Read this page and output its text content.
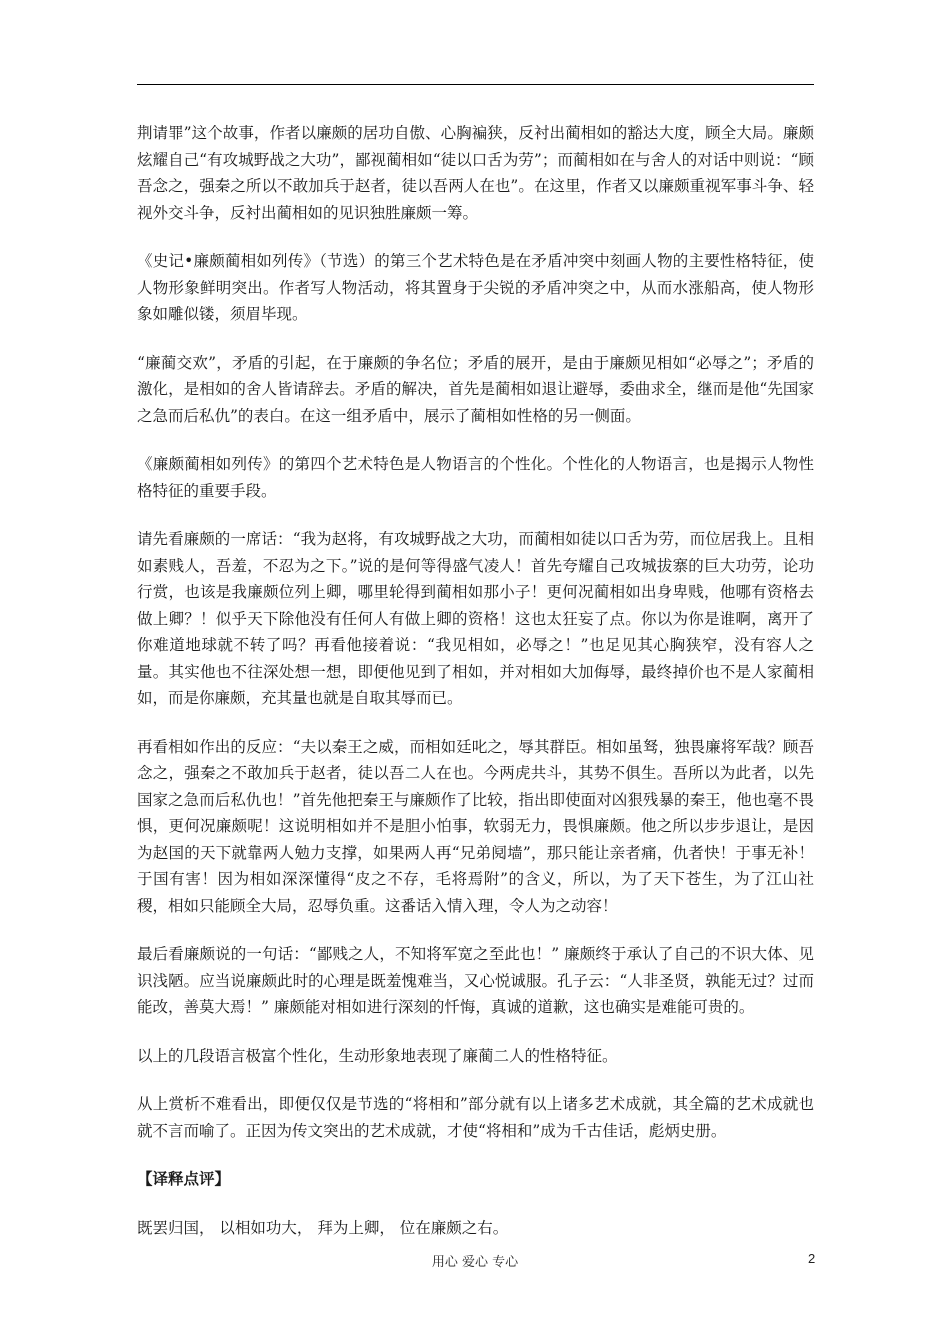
荆请罪”这个故事，作者以廉颇的居功自傲、心胸褊狭，反衬出蔺相如的豁达大度，顾全大局。廉颇炫耀自己“有攻城野战之大功”，鄙视蔺相如“徒以口舌为劳”；而蔺相如在与舍人的对话中则说：“顾吾念之，强秦之所以不敢加兵于赵者，徒以吾两人在也”。在这里，作者又以廉颇重视军事斗争、轻视外交斗争，反衬出蔺相如的见识独胜廉颇一筹。

《史记•廉颇蔺相如列传》（节选）的第三个艺术特色是在矛盾冲突中刻画人物的主要性格特征，使人物形象鲜明突出。作者写人物活动，将其置身于尖锐的矛盾冲突之中，从而水涨船高，使人物形象如雕似镂，须眉毕现。

“廉蔺交欢”，矛盾的引起，在于廉颇的争名位；矛盾的展开，是由于廉颇见相如“必辱之”；矛盾的激化，是相如的舍人皆请辞去。矛盾的解决，首先是蔺相如退让避辱，委曲求全，继而是他“先国家之急而后私仇”的表白。在这一组矛盾中，展示了蔺相如性格的另一侧面。

《廉颇蔺相如列传》的第四个艺术特色是人物语言的个性化。个性化的人物语言，也是揭示人物性格特征的重要手段。

请先看廉颇的一席话：“我为赵将，有攻城野战之大功，而蔺相如徒以口舌为劳，而位居我上。且相如素贱人，吾羞，不忍为之下。”说的是何等得盛气凌人！首先夸耀自己攻城拔寨的巨大功劳，论功行赏，也该是我廉颇位列上卿，哪里轮得到蔺相如那小子！更何况蔺相如出身卑贱，他哪有资格去做上卿？！似乎天下除他没有任何人有做上卿的资格！这也太狂妄了点。你以为你是谁啊，离开了你难道地球就不转了吗？再看他接着说：“我见相如，必辱之！”也足见其心胸狭窄，没有容人之量。其实他也不往深处想一想，即便他见到了相如，并对相如大加侮辱，最终掉价也不是人家蔺相如，而是你廉颇，充其量也就是自取其辱而已。

再看相如作出的反应：“夫以秦王之威，而相如廷叱之，辱其群臣。相如虽驽，独畏廉将军哉？顾吾念之，强秦之不敢加兵于赵者，徒以吾二人在也。今两虎共斗，其势不俱生。吾所以为此者，以先国家之急而后私仇也！”首先他把秦王与廉颇作了比较，指出即使面对凶狠残暴的秦王，他也毫不畏惧，更何况廉颇呢！这说明相如并不是胆小怕事，软弱无力，畏惧廉颇。他之所以步步退让，是因为赵国的天下就靠两人勉力支撑，如果两人再“兄弟阋墙”，那只能让亲者痛，仇者快！于事无补！于国有害！因为相如深深懂得“皮之不存，毛将焉附”的含义，所以，为了天下苍生，为了江山社稷，相如只能顾全大局，忍辱负重。这番话入情入理，令人为之动容！

最后看廉颇说的一句话：“鄙贱之人，不知将军宽之至此也！” 廉颇终于承认了自己的不识大体、见识浅陋。应当说廉颇此时的心理是既羞愧难当，又心悦诚服。孔子云：“人非圣贤，孰能无过？过而能改，善莫大焉！” 廉颇能对相如进行深刻的忏悔，真诚的道歉，这也确实是难能可贵的。

以上的几段语言极富个性化，生动形象地表现了廉蔺二人的性格特征。

从上赏析不难看出，即便仅仅是节选的“将相和”部分就有以上诸多艺术成就，其全篇的艺术成就也就不言而喻了。正因为传文突出的艺术成就，才使“将相和”成为千古佳话，彪炳史册。

【译释点评】

既罢归国， 以相如功大， 拜为上卿， 位在廉颇之右。

用心 爱心 专心	2
